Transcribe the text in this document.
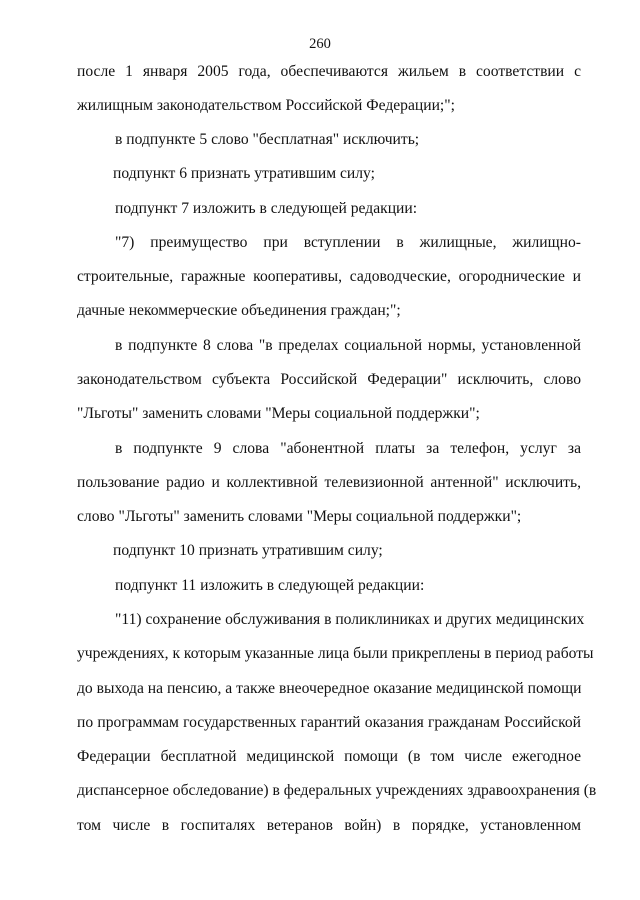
260
после 1 января 2005 года, обеспечиваются жильем в соответствии с
жилищным законодательством Российской Федерации;";
в подпункте 5 слово "бесплатная" исключить;
подпункт 6 признать утратившим силу;
подпункт 7 изложить в следующей редакции:
"7) преимущество при вступлении в жилищные, жилищно-
строительные, гаражные кооперативы, садоводческие, огороднические и
дачные некоммерческие объединения граждан;";
в подпункте 8 слова "в пределах социальной нормы, установленной
законодательством субъекта Российской Федерации" исключить, слово
"Льготы" заменить словами "Меры социальной поддержки";
в подпункте 9 слова "абонентной платы за телефон, услуг за
пользование радио и коллективной телевизионной антенной" исключить,
слово "Льготы" заменить словами "Меры социальной поддержки";
подпункт 10 признать утратившим силу;
подпункт 11 изложить в следующей редакции:
"11) сохранение обслуживания в поликлиниках и других медицинских
учреждениях, к которым указанные лица были прикреплены в период работы
до выхода на пенсию, а также внеочередное оказание медицинской помощи
по программам государственных гарантий оказания гражданам Российской
Федерации бесплатной медицинской помощи (в том числе ежегодное
диспансерное обследование) в федеральных учреждениях здравоохранения (в
том числе в госпиталях ветеранов войн) в порядке, установленном
